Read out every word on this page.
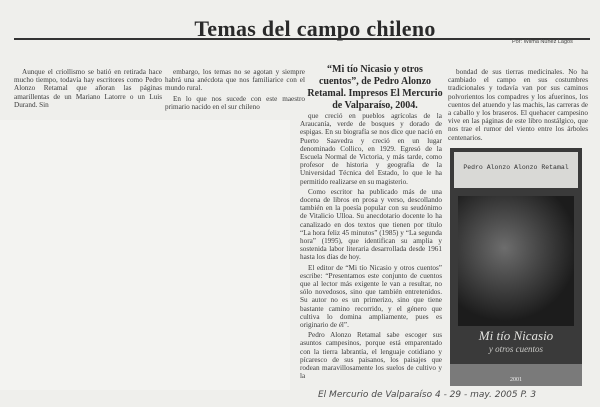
Temas del campo chileno
Por: Wilma Núñez Lagos

Aunque el criollismo se batió en retirada hace mucho tiempo, todavía hay escritores como Pedro Alonzo Retamal que añoran las páginas amarillentas de un Mariano Latorre o un Luis Durand. Sin

embargo, los temas no se agotan y siempre habrá una anécdota que nos familiarice con el mundo rural.

En lo que nos sucede con este maestro primario nacido en el sur chileno

“Mi tío Nicasio y otros cuentos”, de Pedro Alonzo Retamal. Impresos El Mercurio de Valparaíso, 2004.

que creció en pueblos agrícolas de la Araucanía, verde de bosques y dorado de espigas. En su biografía se nos dice que nació en Puerto Saavedra y creció en un lugar denominado Collico, en 1929. Egresó de la Escuela Normal de Victoria, y más tarde, como profesor de historia y geografía de la Universidad Técnica del Estado, lo que le ha permitido realizarse en su magisterio.

Como escritor ha publicado más de una docena de libros en prosa y verso, descollando también en la poesía popular con su seudónimo de Vitalicio Ulloa. Su anecdotario docente lo ha canalizado en dos textos que tienen por título “La hora feliz 45 minutos” (1985) y “La segunda hora” (1995), que identifican su amplia y sostenida labor literaria desarrollada desde 1961 hasta los días de hoy.

El editor de “Mi tío Nicasio y otros cuentos” escribe: “Presentamos este conjunto de cuentos que al lector más exigente le van a resultar, no sólo novedosos, sino que también entretenidos. Su autor no es un primerizo, sino que tiene bastante camino recorrido, y el género que cultiva lo domina ampliamente, pues es originario de él”.

Pedro Alonzo Retamal sabe escoger sus asuntos campesinos, porque está emparentado con la tierra labrantía, el lenguaje cotidiano y pícaresco de sus paisanos, los paisajes que rodean maravillosamente los suelos de cultivo y la

bondad de sus tierras medicinales. No ha cambiado el campo en sus costumbres tradicionales y todavía van por sus caminos polvorientos los compadres y los afuerinos, los cuentos del atuendo y las machis, las carreras de a caballo y los braseros. El quehacer campesino vive en las páginas de este libro nostálgico, que nos trae el rumor del viento entre los árboles centenarios.

Pedro Alonzo Alonzo Retamal
Mi tío Nicasio
y otros cuentos
2001
El Mercurio de Valparaíso 4 - 29 - may. 2005 P. 3
